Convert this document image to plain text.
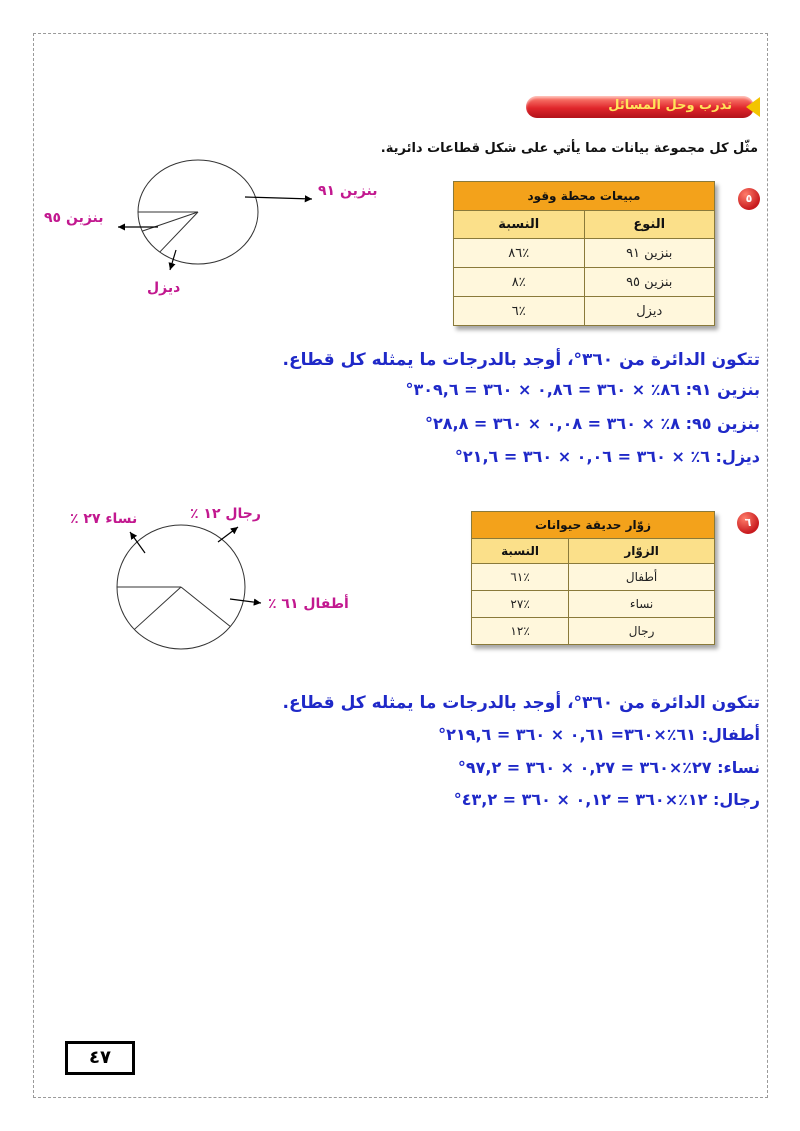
تدرب وحل المسائل
مثّل كل مجموعة بيانات مما يأتي على شكل قطاعات دائرية.
٥
مبيعات محطة وقود	
النوع	النسبة
بنزين ٩١	٪٨٦
بنزين ٩٥	٪٨
ديزل	٪٦
بنزين ٩١
بنزين ٩٥
ديزل
تتكون الدائرة من ٣٦٠°، أوجد بالدرجات ما يمثله كل قطاع.
بنزين ٩١: ٨٦٪ × ٣٦٠ = ٠,٨٦ × ٣٦٠ = ٣٠٩,٦°
بنزين ٩٥: ٨٪ × ٣٦٠ = ٠,٠٨ × ٣٦٠ = ٢٨,٨°
ديزل: ٦٪ × ٣٦٠ = ٠,٠٦ × ٣٦٠ = ٢١,٦°
٦
زوّار حديقة حيوانات	
الزوّار	النسبة
أطفال	٪٦١
نساء	٪٢٧
رجال	٪١٢
رجال ١٢ ٪
نساء ٢٧ ٪
أطفال ٦١ ٪
تتكون الدائرة من ٣٦٠°، أوجد بالدرجات ما يمثله كل قطاع.
أطفال: ٦١٪×٣٦٠= ٠,٦١ × ٣٦٠ = ٢١٩,٦°
نساء: ٢٧٪×٣٦٠ = ٠,٢٧ × ٣٦٠ = ٩٧,٢°
رجال: ١٢٪×٣٦٠ = ٠,١٢ × ٣٦٠ = ٤٣,٢°
٤٧
